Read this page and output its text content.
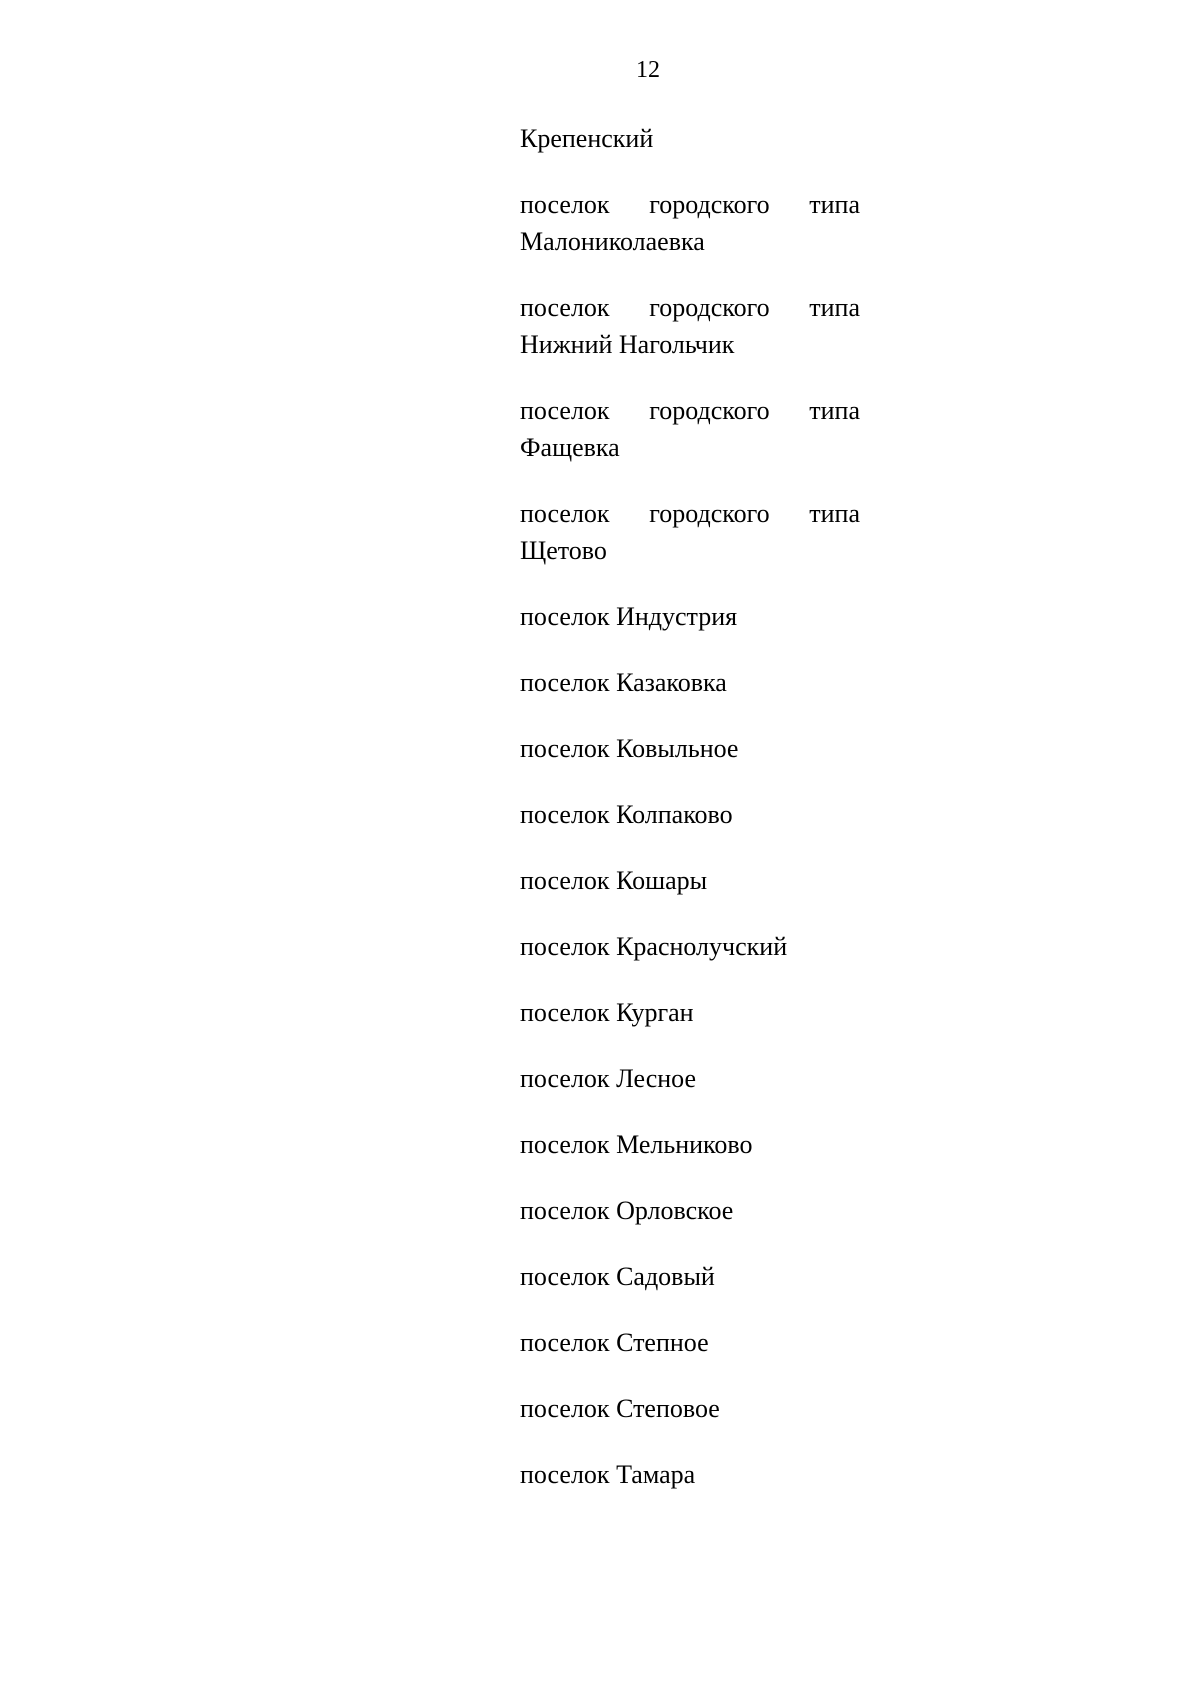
12
Крепенский
поселок городского типа
Малониколаевка
поселок городского типа
Нижний Нагольчик
поселок городского типа
Фащевка
поселок городского типа
Щетово
поселок Индустрия
поселок Казаковка
поселок Ковыльное
поселок Колпаково
поселок Кошары
поселок Краснолучский
поселок Курган
поселок Лесное
поселок Мельниково
поселок Орловское
поселок Садовый
поселок Степное
поселок Степовое
поселок Тамара
